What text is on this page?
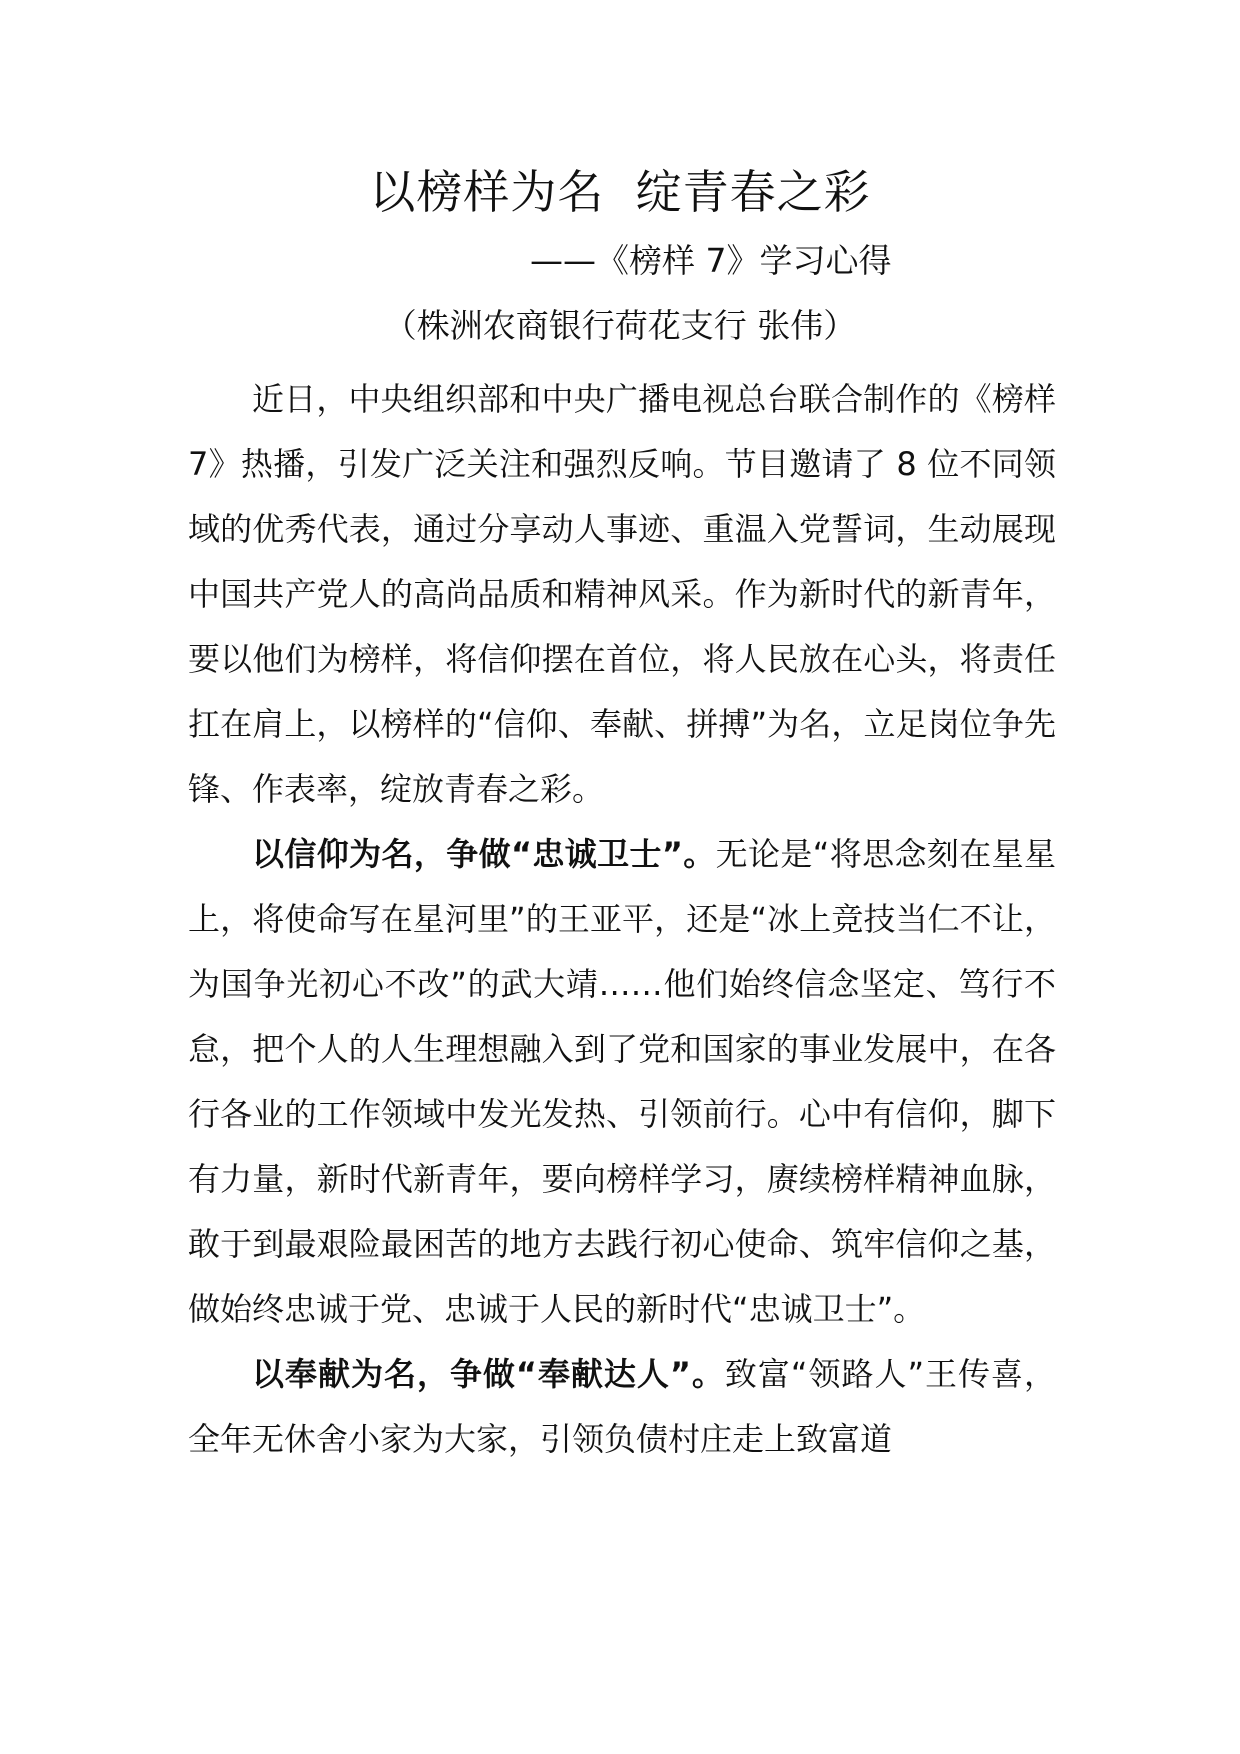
以榜样为名  绽青春之彩
——《榜样 7》学习心得
（株洲农商银行荷花支行 张伟）

近日，中央组织部和中央广播电视总台联合制作的《榜样 7》热播，引发广泛关注和强烈反响。节目邀请了 8 位不同领域的优秀代表，通过分享动人事迹、重温入党誓词，生动展现中国共产党人的高尚品质和精神风采。作为新时代的新青年，要以他们为榜样，将信仰摆在首位，将人民放在心头，将责任扛在肩上，以榜样的“信仰、奉献、拼搏”为名，立足岗位争先锋、作表率，绽放青春之彩。

以信仰为名，争做“忠诚卫士”。无论是“将思念刻在星星上，将使命写在星河里”的王亚平，还是“冰上竞技当仁不让，为国争光初心不改”的武大靖……他们始终信念坚定、笃行不怠，把个人的人生理想融入到了党和国家的事业发展中，在各行各业的工作领域中发光发热、引领前行。心中有信仰，脚下有力量，新时代新青年，要向榜样学习，赓续榜样精神血脉，敢于到最艰险最困苦的地方去践行初心使命、筑牢信仰之基，做始终忠诚于党、忠诚于人民的新时代“忠诚卫士”。

以奉献为名，争做“奉献达人”。致富“领路人”王传喜，全年无休舍小家为大家，引领负债村庄走上致富道
